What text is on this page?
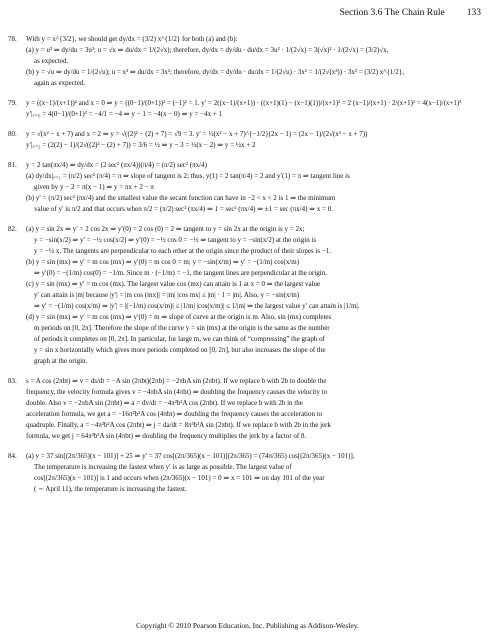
Section 3.6 The Chain Rule 133
78.	With y = x^{3/2}, we should get dy/dx = (3/2) x^{1/2} for both (a) and (b):
(a) y = u³ ⇒ dy/du = 3u²; u = √x ⇒ du/dx = 1/(2√x); therefore, dy/dx = dy/du · du/dx = 3u² · 1/(2√x) = 3(√x)² · 1/(2√x) = (3/2)√x,
as expected.
(b) y = √u ⇒ dy/du = 1/(2√u); u = x³ ⇒ du/dx = 3x²; therefore, dy/dx = dy/du · du/dx = 1/(2√u) · 3x² = 1/(2√(x³)) · 3x² = (3/2) x^{1/2},
again as expected.
79.	y = ((x−1)/(x+1))² and x = 0 ⇒ y = ((0−1)/(0+1))² = (−1)² = 1. y′ = 2((x−1)/(x+1)) · ((x+1)(1) − (x−1)(1))/(x+1)² = 2 (x−1)/(x+1) · 2/(x+1)² = 4(x−1)/(x+1)³
y′|ₓ₌₀ = 4(0−1)/(0+1)³ = −4/1 = −4 ⇒ y − 1 = −4(x − 0) ⇒ y = −4x + 1
80.	y = √(x² − x + 7) and x = 2 ⇒ y = √((2)² − (2) + 7) = √9 = 3. y′ = ½(x² − x + 7)^{−1/2}(2x − 1) = (2x − 1)/(2√(x² − x + 7))
y′|ₓ₌₂ = (2(2) − 1)/(2√((2)² − (2) + 7)) = 3/6 = ½ ⇒ y − 3 = ½(x − 2) ⇒ y = ½x + 2
81.	y = 2 tan(πx/4) ⇒ dy/dx = (2 sec² (πx/4))(π/4) = (π/2) sec² (πx/4)
(a) dy/dx|ₓ₌₁ = (π/2) sec² (π/4) = π ⇒ slope of tangent is 2; thus, y(1) = 2 tan(π/4) = 2 and y′(1) = π ⇒ tangent line is
given by y − 2 = π(x − 1) ⇒ y = πx + 2 − π
(b) y′ = (π/2) sec² (πx/4) and the smallest value the secant function can have in −2 < x < 2 is 1 ⇒ the minimum
value of y′ is π/2 and that occurs when π/2 = (π/2) sec² (πx/4) ⇒ 1 = sec² (πx/4) ⇒ ±1 = sec (πx/4) ⇒ x = 0.
82.	(a) y = sin 2x ⇒ y′ = 2 cos 2x ⇒ y′(0) = 2 cos (0) = 2 ⇒ tangent to y = sin 2x at the origin is y = 2x;
y = −sin(x/2) ⇒ y′ = −½ cos(x/2) ⇒ y′(0) = −½ cos 0 = −½ ⇒ tangent to y = −sin(x/2) at the origin is
y = −½ x. The tangents are perpendicular to each other at the origin since the product of their slopes is −1.
(b) y = sin (mx) ⇒ y′ = m cos (mx) ⇒ y′(0) = m cos 0 = m; y = −sin(x/m) ⇒ y′ = −(1/m) cos(x/m)
⇒ y′(0) = −(1/m) cos(0) = −1/m. Since m · (−1/m) = −1, the tangent lines are perpendicular at the origin.
(c) y = sin (mx) ⇒ y′ = m cos (mx). The largest value cos (mx) can attain is 1 at x = 0 ⇒ the largest value
y′ can attain is |m| because |y′| = |m cos (mx)| = |m| |cos mx| ≤ |m| · 1 = |m|. Also, y = −sin(x/m)
⇒ y′ = −(1/m) cos(x/m) ⇒ |y′| = |(−1/m) cos(x/m)| ≤ |1/m| |cos(x/m)| ≤ 1/|m| ⇒ the largest value y′ can attain is |1/m|.
(d) y = sin (mx) ⇒ y′ = m cos (mx) ⇒ y′(0) = m ⇒ slope of curve at the origin is m. Also, sin (mx) completes
m periods on [0, 2π]. Therefore the slope of the curve y = sin (mx) at the origin is the same as the number
of periods it completes on [0, 2π]. In particular, for large m, we can think of “compressing” the graph of
y = sin x horizontally which gives more periods completed on [0, 2π], but also increases the slope of the
graph at the origin.
83.	s = A cos (2πbt) ⇒ v = ds/dt = −A sin (2πbt)(2πb) = −2πbA sin (2πbt). If we replace b with 2b to double the
frequency, the velocity formula gives v = −4πbA sin (4πbt) ⇒ doubling the frequency causes the velocity to
double. Also v = −2πbA sin (2πbt) ⇒ a = dv/dt = −4π²b²A cos (2πbt). If we replace b with 2b in the
acceleration formula, we get a = −16π²b²A cos (4πbt) ⇒ doubling the frequency causes the acceleration to
quadruple. Finally, a = −4π²b²A cos (2πbt) ⇒ j = da/dt = 8π³b³A sin (2πbt). If we replace b with 2b in the jerk
formula, we get j = 64π³b³A sin (4πbt) ⇒ doubling the frequency multiplies the jerk by a factor of 8.
84.	(a) y = 37 sin[(2π/365)(x − 101)] + 25 ⇒ y′ = 37 cos[(2π/365)(x − 101)](2π/365) = (74π/365) cos[(2π/365)(x − 101)].
The temperature is increasing the fastest when y′ is as large as possible. The largest value of
cos[(2π/365)(x − 101)] is 1 and occurs when (2π/365)(x − 101) = 0 ⇒ x = 101 ⇒ on day 101 of the year
( ∼ April 11), the temperature is increasing the fastest.
Copyright © 2010 Pearson Education, Inc. Publishing as Addison-Wesley.
